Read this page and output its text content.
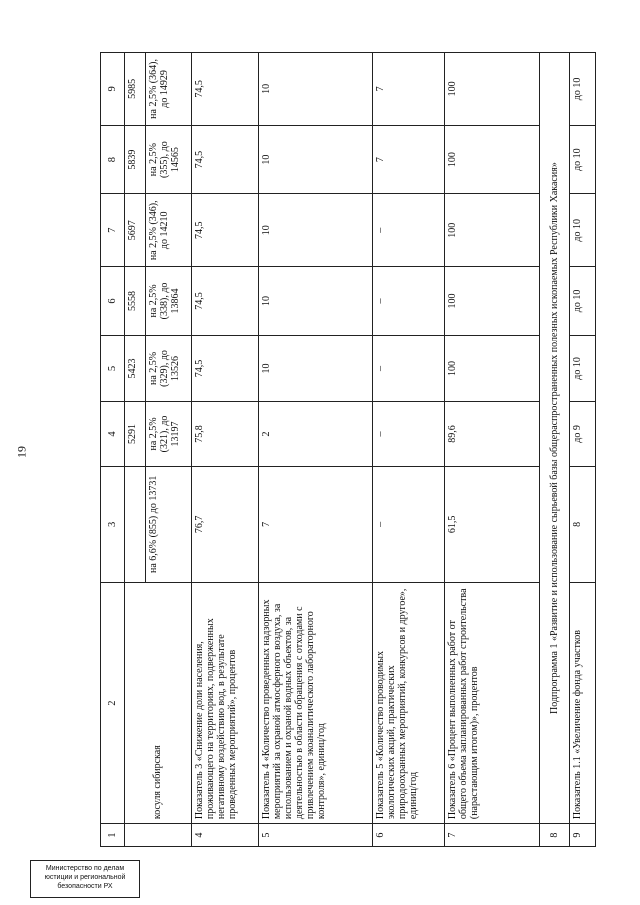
19
Министерство по делам
юстиции и региональной
безопасности РХ
1	2	3	4	5	6	7	8	9
	косуля сибирская		5291	5423	5558	5697	5839	5985
		на 6,6% (855) до 13731	на 2,5% (321), до 13197	на 2,5% (329), до 13526	на 2,5% (338), до 13864	на 2,5% (346), до 14210	на 2,5% (355), до 14565	на 2,5% (364), до 14929
4	Показатель 3 «Снижение доли населения, проживающего на территориях, подверженных негативному воздействию вод, в результате проведенных мероприятий», процентов	76,7	75,8	74,5	74,5	74,5	74,5	74,5
5	Показатель 4 «Количество проведенных надзорных мероприятий за охраной атмосферного воздуха, за использованием и охраной водных объектов, за деятельностью в области обращения с отходами с привлечением экоаналитического лабораторного контроля», единиц/год	7	2	10	10	10	10	10
6	Показатель 5 «Количество проводимых экологических акций, практических природоохранных мероприятий, конкурсов и другое», единиц/год	–	–	–	–	–	7	7
7	Показатель 6 «Процент выполненных работ от общего объема запланированных работ строительства (нарастающим итогом)», процентов	61,5	89,6	100	100	100	100	100
8	Подпрограмма 1 «Развитие и использование сырьевой базы общераспространенных полезных ископаемых Республики Хакасия»							
9	Показатель 1.1 «Увеличение фонда участков	8	до 9	до 10	до 10	до 10	до 10	до 10
